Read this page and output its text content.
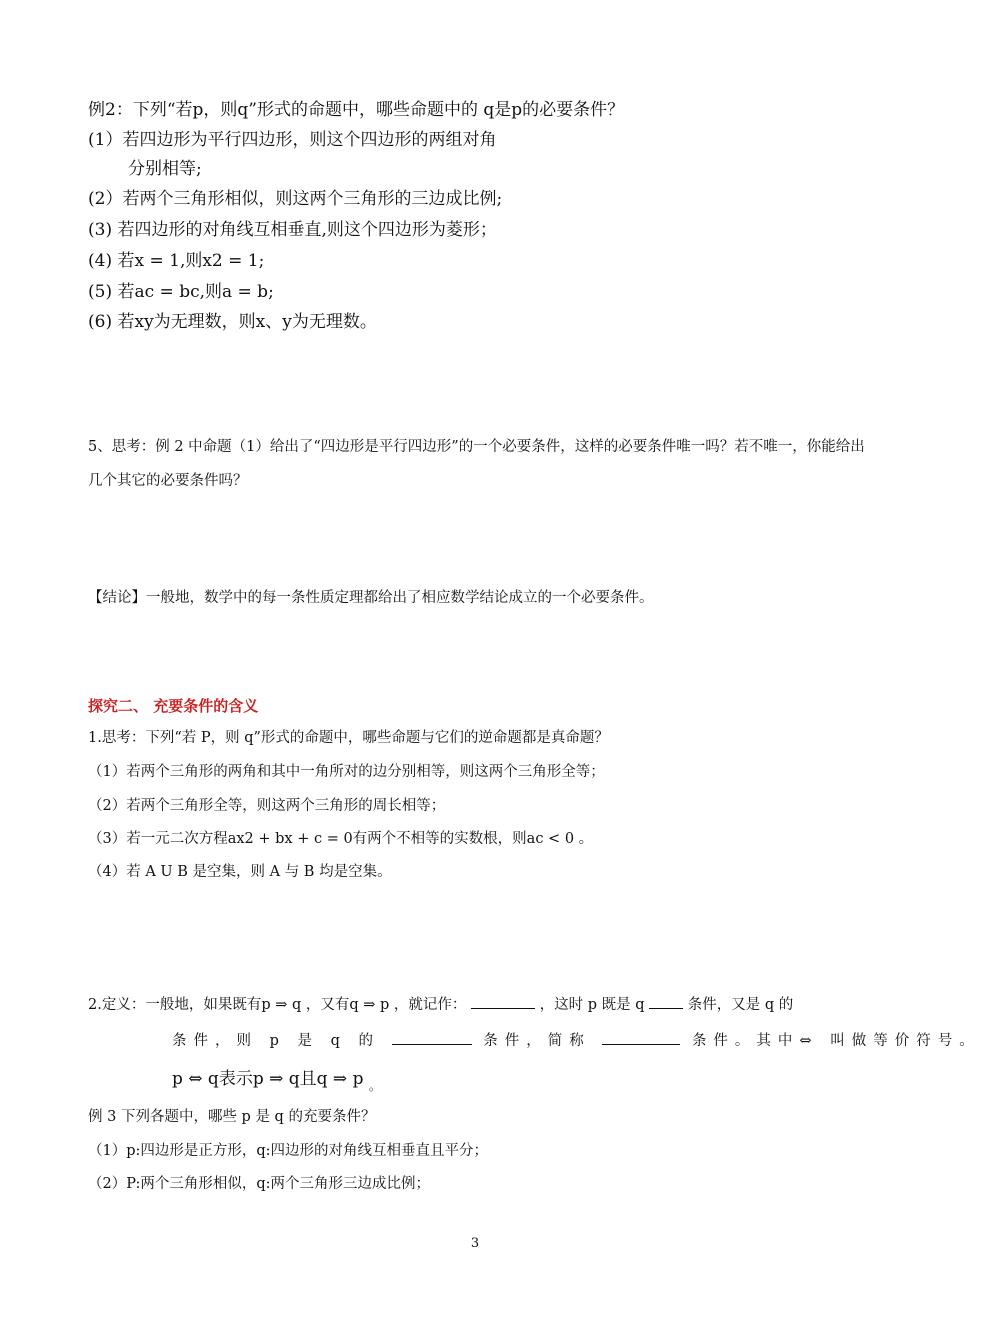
例2：下列“若p，则q”形式的命题中，哪些命题中的 q是p的必要条件？
(1）若四边形为平行四边形，则这个四边形的两组对角
分别相等;
(2）若两个三角形相似，则这两个三角形的三边成比例;
(3) 若四边形的对角线互相垂直,则这个四边形为菱形；
(4) 若x = 1,则x2 = 1;
(5) 若ac = bc,则a = b;
(6) 若xy为无理数，则x、y为无理数。
5、思考：例 2 中命题（1）给出了“四边形是平行四边形”的一个必要条件，这样的必要条件唯一吗？若不唯一，你能给出几个其它的必要条件吗？
【结论】一般地，数学中的每一条性质定理都给出了相应数学结论成立的一个必要条件。
探究二、 充要条件的含义
1.思考：下列“若 P，则 q”形式的命题中，哪些命题与它们的逆命题都是真命题？
（1）若两个三角形的两角和其中一角所对的边分别相等，则这两个三角形全等；
（2）若两个三角形全等，则这两个三角形的周长相等；
（3）若一元二次方程ax2 + bx + c = 0有两个不相等的实数根，则ac < 0 。
（4）若 A U B 是空集，则 A 与 B 均是空集。
2.定义：一般地，如果既有p ⇒ q ，又有q ⇒ p ，就记作：	，这时 p 既是 q	条件，又是 q 的
条件，则 p 是 q 的	条件，简称	条件。其中⇔ 叫做等价符号。
p ⇔ q表示p ⇒ q且q ⇒ p $_。$
例 3 下列各题中，哪些 p 是 q 的充要条件？
（1）p:四边形是正方形，q:四边形的对角线互相垂直且平分；
（2）P:两个三角形相似，q:两个三角形三边成比例；
3
